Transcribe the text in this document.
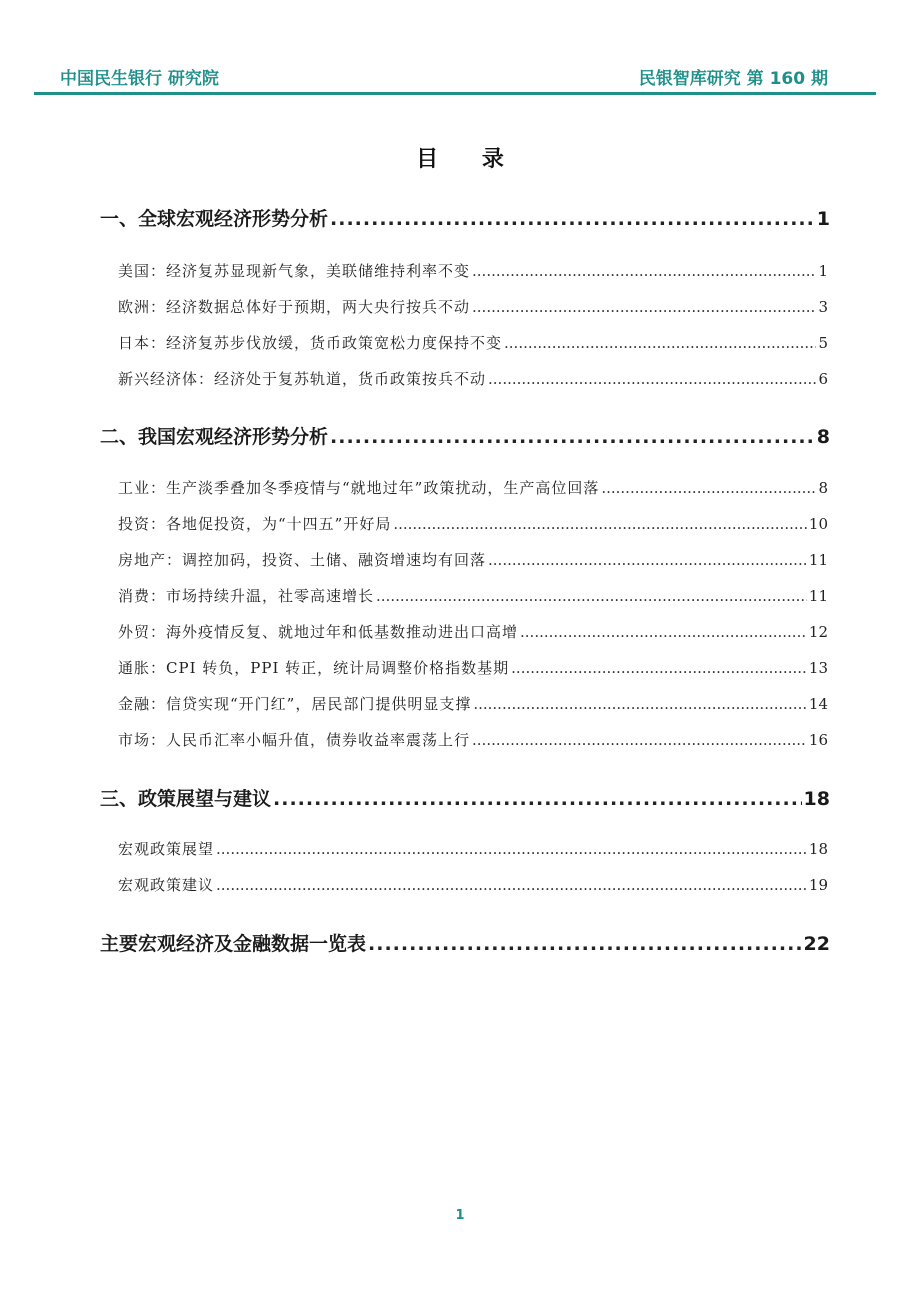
中国民生银行 研究院	民银智库研究 第 160 期
目 录
一、全球宏观经济形势分析 .....	1
美国：经济复苏显现新气象，美联储维持利率不变 .....	1
欧洲：经济数据总体好于预期，两大央行按兵不动 .....	3
日本：经济复苏步伐放缓，货币政策宽松力度保持不变 .....	5
新兴经济体：经济处于复苏轨道，货币政策按兵不动 .....	6
二、我国宏观经济形势分析 .....	8
工业：生产淡季叠加冬季疫情与“就地过年”政策扰动，生产高位回落 .....	8
投资：各地促投资，为“十四五”开好局 .....	10
房地产：调控加码，投资、土储、融资增速均有回落 .....	11
消费：市场持续升温，社零高速增长 .....	11
外贸：海外疫情反复、就地过年和低基数推动进出口高增 .....	12
通胀：CPI 转负，PPI 转正，统计局调整价格指数基期 .....	13
金融：信贷实现“开门红”，居民部门提供明显支撑 .....	14
市场：人民币汇率小幅升值，债券收益率震荡上行 .....	16
三、政策展望与建议 .....	18
宏观政策展望 .....	18
宏观政策建议 .....	19
主要宏观经济及金融数据一览表 .....	22
1
